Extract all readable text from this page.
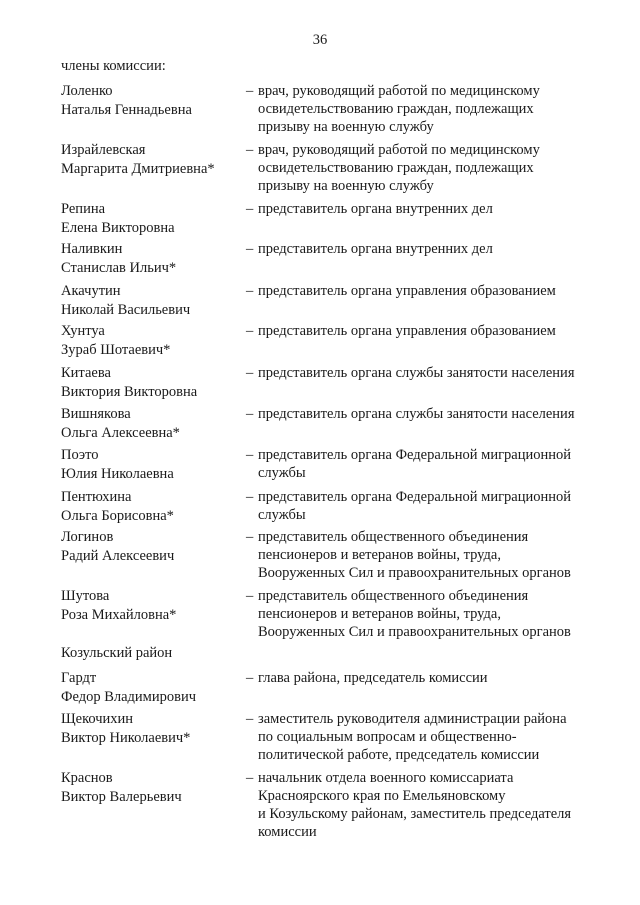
36
члены комиссии:
Лоленко
Наталья Геннадьевна
– врач, руководящий работой по медицинскому
освидетельствованию граждан, подлежащих
призыву на военную службу
Израйлевская
Маргарита Дмитриевна*
– врач, руководящий работой по медицинскому
освидетельствованию граждан, подлежащих
призыву на военную службу
Репина
Елена Викторовна
– представитель органа внутренних дел
Наливкин
Станислав Ильич*
– представитель органа внутренних дел
Акачутин
Николай Васильевич
– представитель органа управления образованием
Хунтуа
Зураб Шотаевич*
– представитель органа управления образованием
Китаева
Виктория Викторовна
– представитель органа службы занятости населения
Вишнякова
Ольга Алексеевна*
– представитель органа службы занятости населения
Поэто
Юлия Николаевна
– представитель органа Федеральной миграционной
службы
Пентюхина
Ольга Борисовна*
– представитель органа Федеральной миграционной
службы
Логинов
Радий Алексеевич
– представитель общественного объединения
пенсионеров и ветеранов войны, труда,
Вооруженных Сил и правоохранительных органов
Шутова
Роза Михайловна*
– представитель общественного объединения
пенсионеров и ветеранов войны, труда,
Вооруженных Сил и правоохранительных органов
Козульский район
Гардт
Федор Владимирович
– глава района, председатель комиссии
Щекочихин
Виктор Николаевич*
– заместитель руководителя администрации района
по социальным вопросам и общественно-
политической работе, председатель комиссии
Краснов
Виктор Валерьевич
– начальник отдела военного комиссариата
Красноярского края по Емельяновскому
и Козульскому районам, заместитель председателя
комиссии
